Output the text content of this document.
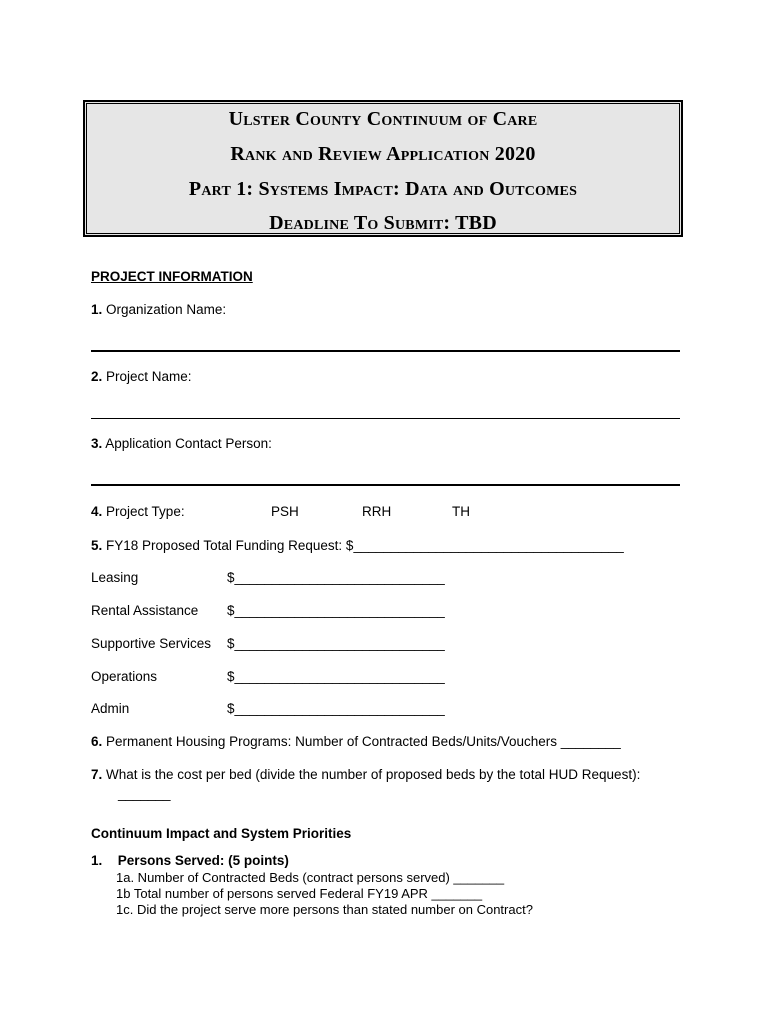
Ulster County Continuum of Care
Rank and Review Application 2020
Part 1: Systems Impact: Data and Outcomes
Deadline To Submit: TBD
PROJECT INFORMATION
1. Organization Name:
2. Project Name:
3. Application Contact Person:
4. Project Type:	PSH	RRH	TH
5. FY18 Proposed Total Funding Request: $____________________________________
Leasing	$____________________________
Rental Assistance $____________________________
Supportive Services $____________________________
Operations	$____________________________
Admin	$____________________________
6. Permanent Housing Programs: Number of Contracted Beds/Units/Vouchers ________
7. What is the cost per bed (divide the number of proposed beds by the total HUD Request):
_______
Continuum Impact and System Priorities
1. Persons Served: (5 points)
1a. Number of Contracted Beds (contract persons served) _______
1b Total number of persons served Federal FY19 APR _______
1c. Did the project serve more persons than stated number on Contract?
